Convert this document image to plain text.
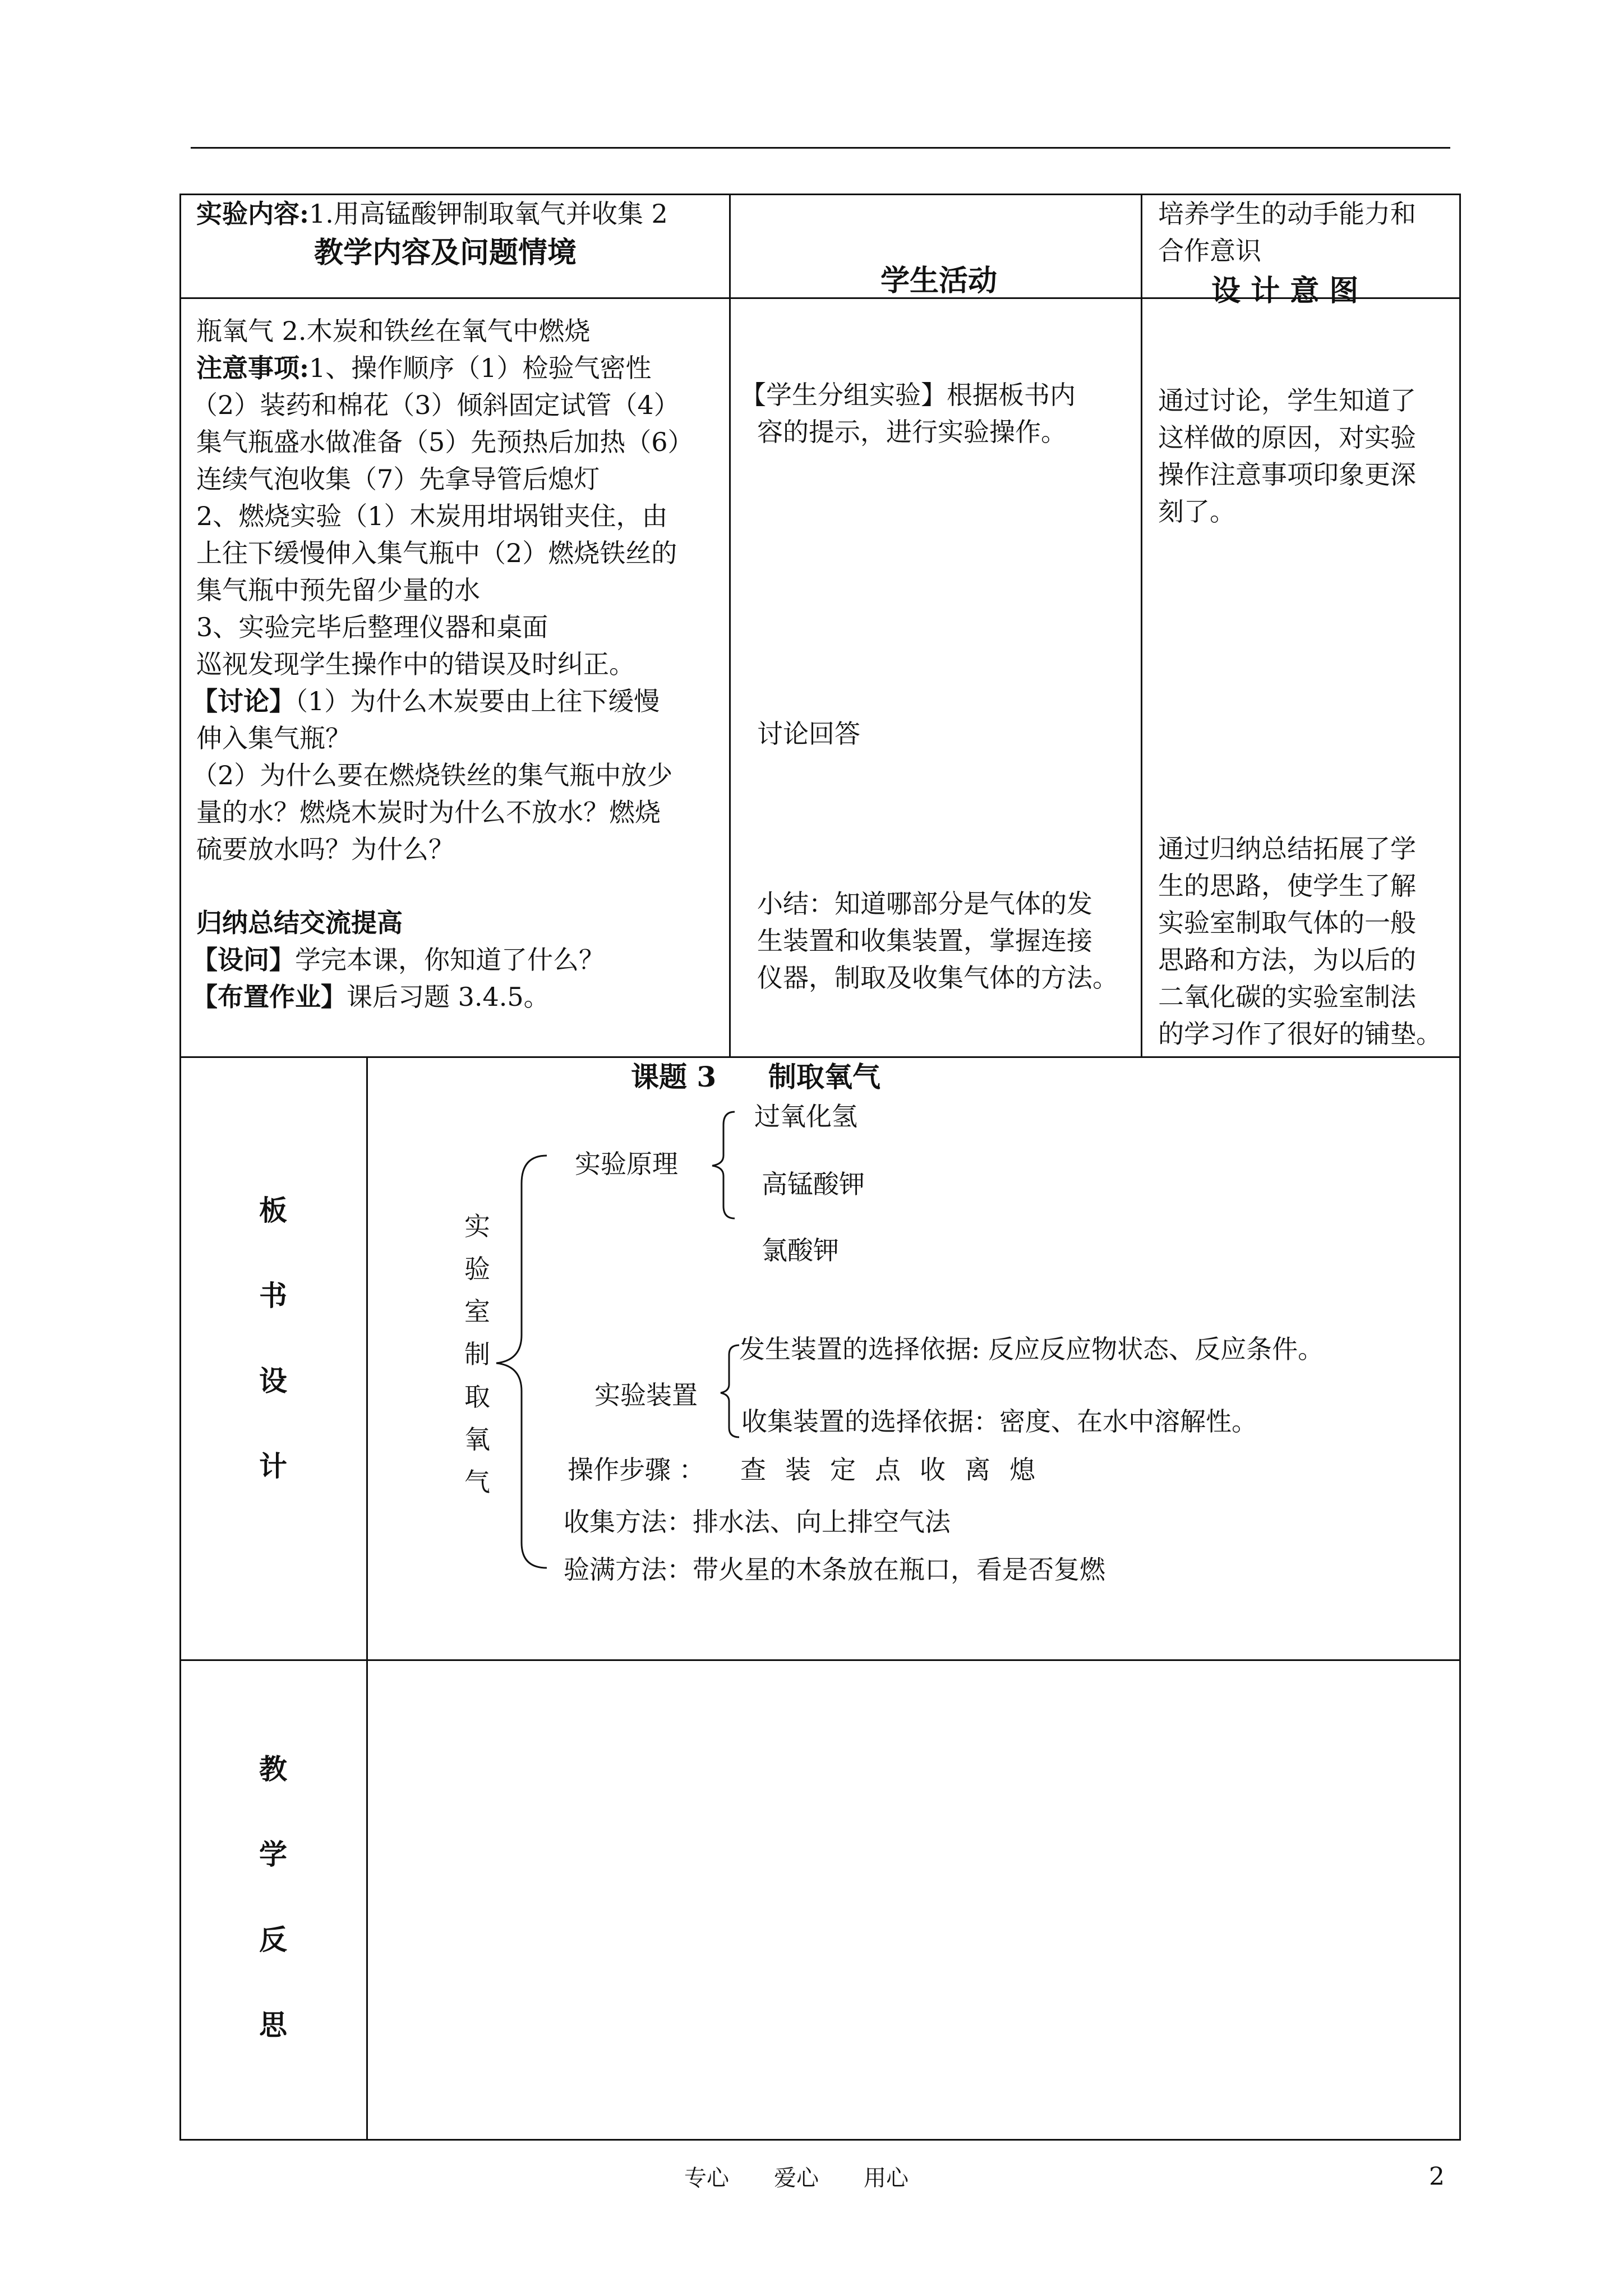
实验内容:1.用高锰酸钾制取氧气并收集 2
教学内容及问题情境
学生活动
培养学生的动手能力和
合作意识
设 计 意 图
瓶氧气 2.木炭和铁丝在氧气中燃烧
注意事项:1、操作顺序（1）检验气密性
（2）装药和棉花（3）倾斜固定试管（4）
集气瓶盛水做准备（5）先预热后加热（6）
连续气泡收集（7）先拿导管后熄灯
2、燃烧实验（1）木炭用坩埚钳夹住，由
上往下缓慢伸入集气瓶中（2）燃烧铁丝的
集气瓶中预先留少量的水
3、实验完毕后整理仪器和桌面
巡视发现学生操作中的错误及时纠正。
【讨论】（1）为什么木炭要由上往下缓慢
伸入集气瓶？
（2）为什么要在燃烧铁丝的集气瓶中放少
量的水？燃烧木炭时为什么不放水？燃烧
硫要放水吗？为什么？
归纳总结交流提高
【设问】学完本课，你知道了什么？
【布置作业】课后习题 3.4.5。
【学生分组实验】根据板书内
容的提示，进行实验操作。
讨论回答
小结：知道哪部分是气体的发
生装置和收集装置，掌握连接
仪器，制取及收集气体的方法。
通过讨论，学生知道了
这样做的原因，对实验
操作注意事项印象更深
刻了。
通过归纳总结拓展了学
生的思路，使学生了解
实验室制取气体的一般
思路和方法，为以后的
二氧化碳的实验室制法
的学习作了很好的铺垫。
板
书
设
计
课题 3 制取氧气
实
验
室
制
取
氧
气
实验原理
过氧化氢
高锰酸钾
氯酸钾
实验装置
发生装置的选择依据: 反应反应物状态、反应条件。
收集装置的选择依据：密度、在水中溶解性。
操作步骤 ： 查 装 定 点 收 离 熄
收集方法：排水法、向上排空气法
验满方法：带火星的木条放在瓶口，看是否复燃
教
学
反
思
专心　　爱心　　用心	2
